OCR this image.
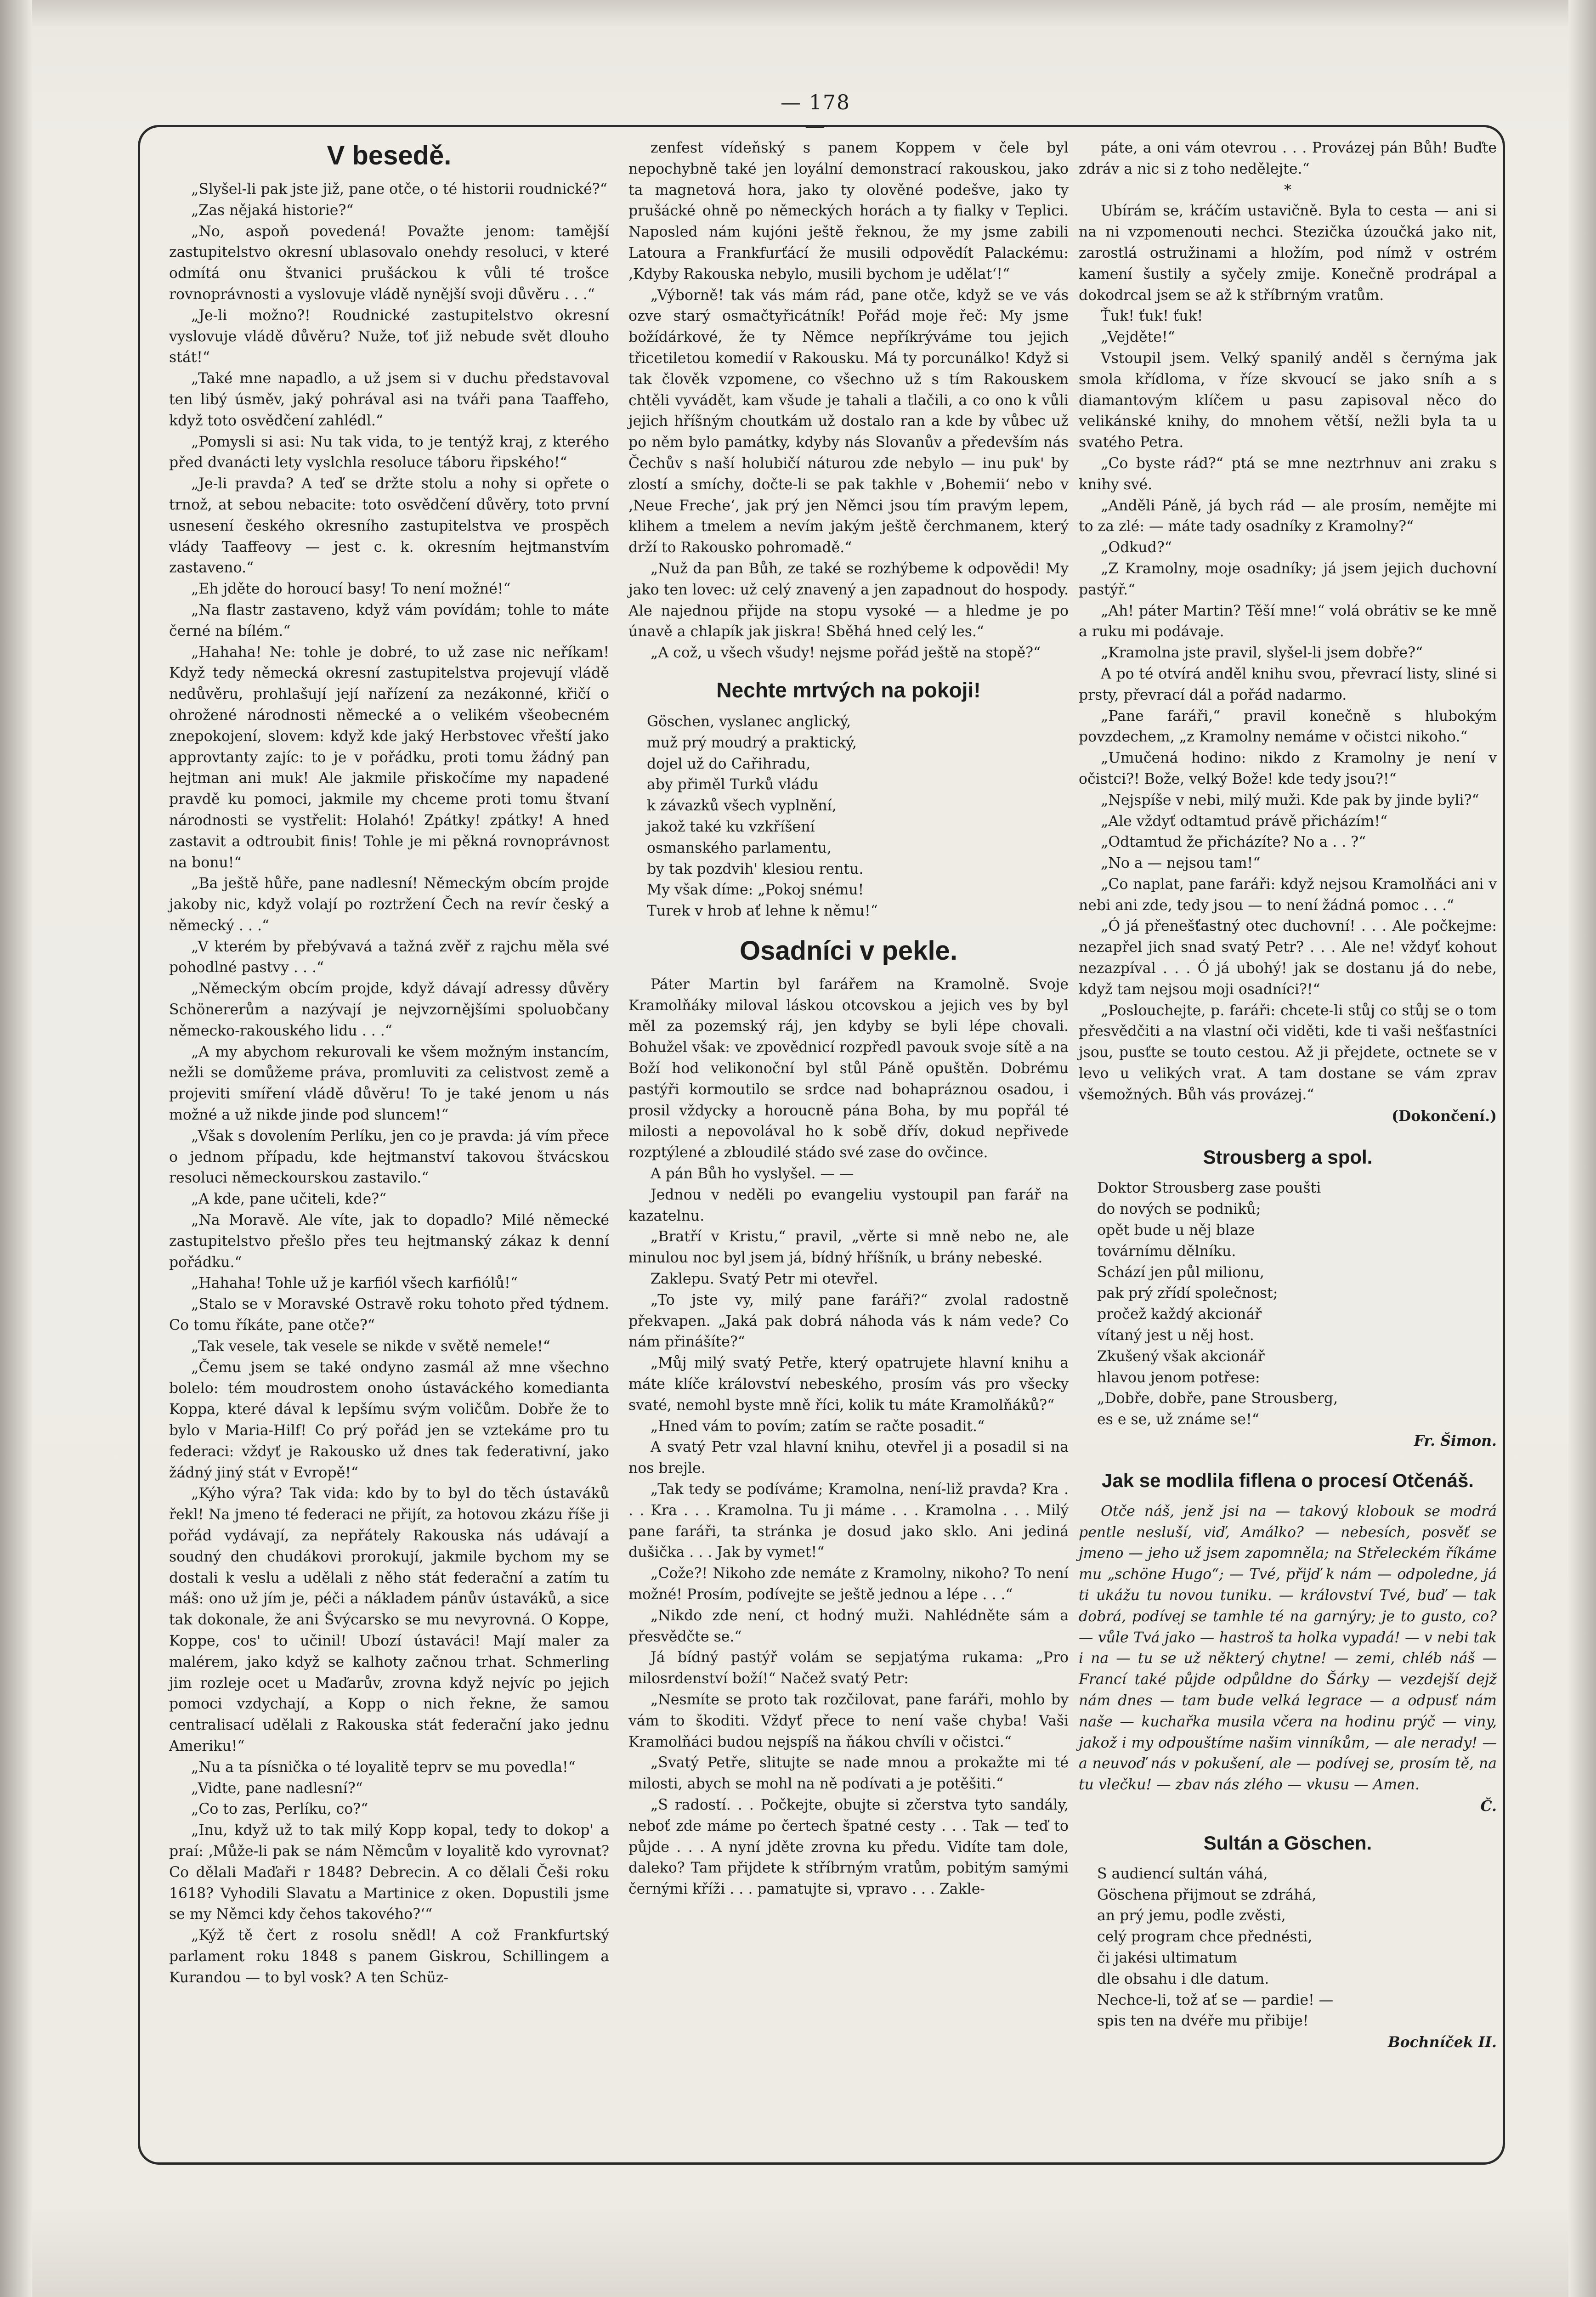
— 178 —
V besedě.

„Slyšel-li pak jste již, pane otče, o té historii roudnické?“

„Zas nějaká historie?“

„No, aspoň povedená! Považte jenom: tamější zastupitelstvo okresní ublasovalo onehdy resoluci, v které odmítá onu štvanici prušáckou k vůli té trošce rovnoprávnosti a vyslovuje vládě nynější svoji důvěru . . .“

„Je-li možno?! Roudnické zastupitelstvo okresní vyslovuje vládě důvěru? Nuže, toť již nebude svět dlouho stát!“

„Také mne napadlo, a už jsem si v duchu představoval ten libý úsměv, jaký pohrával asi na tváři pana Taaffeho, když toto osvědčení zahlédl.“

„Pomysli si asi: Nu tak vida, to je tentýž kraj, z kterého před dvanácti lety vyslchla resoluce táboru řipského!“

„Je-li pravda? A teď se držte stolu a nohy si opřete o trnož, at sebou nebacite: toto osvědčení důvěry, toto první usnesení českého okresního zastupitelstva ve prospěch vlády Taaffeovy — jest c. k. okresním hejtmanstvím zastaveno.“

„Eh jděte do horoucí basy! To není možné!“

„Na flastr zastaveno, když vám povídám; tohle to máte černé na bílém.“

„Hahaha! Ne: tohle je dobré, to už zase nic neříkam! Když tedy německá okresní zastupitelstva projevují vládě nedůvěru, prohlašují její nařízení za nezákonné, křičí o ohrožené národnosti německé a o velikém všeobecném znepokojení, slovem: když kde jaký Herbstovec vřeští jako approvtanty zajíc: to je v pořádku, proti tomu žádný pan hejtman ani muk! Ale jakmile přiskočíme my napadené pravdě ku pomoci, jakmile my chceme proti tomu štvaní národnosti se vystřelit: Holahó! Zpátky! zpátky! A hned zastavit a odtroubit finis! Tohle je mi pěkná rovnoprávnost na bonu!“

„Ba ještě hůře, pane nadlesní! Německým obcím projde jakoby nic, když volají po roztržení Čech na revír český a německý . . .“

„V kterém by přebývavá a tažná zvěř z rajchu měla své pohodlné pastvy . . .“

„Německým obcím projde, když dávají adressy důvěry Schönererům a nazývají je nejvzornějšími spoluobčany německo-rakouského lidu . . .“

„A my abychom rekurovali ke všem možným instancím, nežli se domůžeme práva, promluviti za celistvost země a projeviti smíření vládě důvěru! To je také jenom u nás možné a už nikde jinde pod sluncem!“

„Však s dovolením Perlíku, jen co je pravda: já vím přece o jednom případu, kde hejtmanství takovou štvácskou resoluci německourskou zastavilo.“

„A kde, pane učiteli, kde?“

„Na Moravě. Ale víte, jak to dopadlo? Milé německé zastupitelstvo přešlo přes teu hejtmanský zákaz k denní pořádku.“

„Hahaha! Tohle už je karfiól všech karfiólů!“

„Stalo se v Moravské Ostravě roku tohoto před týdnem. Co tomu říkáte, pane otče?“

„Tak vesele, tak vesele se nikde v světě nemele!“

„Čemu jsem se také ondyno zasmál až mne všechno bolelo: tém moudrostem onoho ústaváckého komedianta Koppa, které dával k lepšímu svým voličům. Dobře že to bylo v Maria-Hilf! Co prý pořád jen se vztekáme pro tu federaci: vždyť je Rakousko už dnes tak federativní, jako žádný jiný stát v Evropě!“

„Kýho výra? Tak vida: kdo by to byl do těch ústaváků řekl! Na jmeno té federaci ne přijít, za hotovou zkázu říše ji pořád vydávají, za nepřátely Rakouska nás udávají a soudný den chudákovi prorokují, jakmile bychom my se dostali k veslu a udělali z něho stát federační a zatím tu máš: ono už jím je, péči a nákladem pánův ústaváků, a sice tak dokonale, že ani Švýcarsko se mu nevyrovná. O Koppe, Koppe, cos' to učinil! Ubozí ústaváci! Mají maler za malérem, jako když se kalhoty začnou trhat. Schmerling jim rozleje ocet u Maďarův, zrovna když nejvíc po jejich pomoci vzdychají, a Kopp o nich řekne, že samou centralisací udělali z Rakouska stát federační jako jednu Ameriku!“

„Nu a ta písnička o té loyalitě teprv se mu povedla!“

„Vidte, pane nadlesní?“

„Co to zas, Perlíku, co?“

„Inu, když už to tak milý Kopp kopal, tedy to dokop' a praí: ‚Může-li pak se nám Němcům v loyalitě kdo vyrovnat? Co dělali Maďaři r 1848? Debrecin. A co dělali Češi roku 1618? Vyhodili Slavatu a Martinice z oken. Dopustili jsme se my Němci kdy čehos takového?‘“

„Kýž tě čert z rosolu snědl! A což Frankfurtský parlament roku 1848 s panem Giskrou, Schillingem a Kurandou — to byl vosk? A ten Schüz-

zenfest vídeňský s panem Koppem v čele byl nepochybně také jen loyální demonstrací rakouskou, jako ta magnetová hora, jako ty olověné podešve, jako ty prušácké ohně po německých horách a ty fialky v Teplici. Naposled nám kujóni ještě řeknou, že my jsme zabili Latoura a Frankfurťácí že musili odpovědít Palackému: ‚Kdyby Rakouska nebylo, musili bychom je udělat‘!“

„Výborně! tak vás mám rád, pane otče, když se ve vás ozve starý osmačtyřicátník! Pořád moje řeč: My jsme božídárkové, že ty Němce nepříkrýváme tou jejich třicetiletou komedií v Rakousku. Má ty porcunálko! Když si tak člověk vzpomene, co všechno už s tím Rakouskem chtěli vyvádět, kam všude je tahali a tlačili, a co ono k vůli jejich hříšným choutkám už dostalo ran a kde by vůbec už po něm bylo památky, kdyby nás Slovanův a především nás Čechův s naší holubičí náturou zde nebylo — inu puk' by zlostí a smíchy, dočte-li se pak takhle v ‚Bohemii‘ nebo v ‚Neue Freche‘, jak prý jen Němci jsou tím pravým lepem, klihem a tmelem a nevím jakým ještě čerchmanem, který drží to Rakousko pohromadě.“

„Nuž da pan Bůh, ze také se rozhýbeme k odpovědi! My jako ten lovec: už celý znavený a jen zapadnout do hospody. Ale najednou přijde na stopu vysoké — a hledme je po únavě a chlapík jak jiskra! Sběhá hned celý les.“

„A což, u všech všudy! nejsme pořád ještě na stopě?“

Nechte mrtvých na pokoji!
Göschen, vyslanec anglický,
muž prý moudrý a praktický,
dojel už do Cařihradu,
aby přiměl Turků vládu
k závazků všech vyplnění,
jakož také ku vzkříšení
osmanského parlamentu,
by tak pozdvih' klesiou rentu.
My však díme: „Pokoj snému!
Turek v hrob ať lehne k němu!“
Osadníci v pekle.

Páter Martin byl farářem na Kramolně. Svoje Kramolňáky miloval láskou otcovskou a jejich ves by byl měl za pozemský ráj, jen kdyby se byli lépe chovali. Bohužel však: ve zpovědnicí rozpředl pavouk svoje sítě a na Boží hod velikonoční byl stůl Páně opuštěn. Dobrému pastýři kormoutilo se srdce nad bohapráznou osadou, i prosil vždycky a horoucně pána Boha, by mu popřál té milosti a nepovolával ho k sobě dřív, dokud nepřivede rozptýlené a zbloudilé stádo své zase do ovčince.

A pán Bůh ho vyslyšel. — —

Jednou v neděli po evangeliu vystoupil pan farář na kazatelnu.

„Bratří v Kristu,“ pravil, „věrte si mně nebo ne, ale minulou noc byl jsem já, bídný hříšník, u brány nebeské.

Zaklepu. Svatý Petr mi otevřel.

„To jste vy, milý pane faráři?“ zvolal radostně překvapen. „Jaká pak dobrá náhoda vás k nám vede? Co nám přinášíte?“

„Můj milý svatý Petře, který opatrujete hlavní knihu a máte klíče království nebeského, prosím vás pro všecky svaté, nemohl byste mně říci, kolik tu máte Kramolňáků?“

„Hned vám to povím; zatím se račte posadit.“

A svatý Petr vzal hlavní knihu, otevřel ji a posadil si na nos brejle.

„Tak tedy se podíváme; Kramolna, není-liž pravda? Kra . . . Kra . . . Kramolna. Tu ji máme . . . Kramolna . . . Milý pane faráři, ta stránka je dosud jako sklo. Ani jediná dušička . . . Jak by vymet!“

„Cože?! Nikoho zde nemáte z Kramolny, nikoho? To není možné! Prosím, podívejte se ještě jednou a lépe . . .“

„Nikdo zde není, ct hodný muži. Nahlédněte sám a přesvědčte se.“

Já bídný pastýř volám se sepjatýma rukama: „Pro milosrdenství boží!“ Načež svatý Petr:

„Nesmíte se proto tak rozčilovat, pane faráři, mohlo by vám to škoditi. Vždyť přece to není vaše chyba! Vaši Kramolňáci budou nejspíš na ňákou chvíli v očistci.“

„Svatý Petře, slitujte se nade mnou a prokažte mi té milosti, abych se mohl na ně podívati a je potěšiti.“

„S radostí. . . Počkejte, obujte si zčerstva tyto sandály, neboť zde máme po čertech špatné cesty . . . Tak — teď to půjde . . . A nyní jděte zrovna ku předu. Vidíte tam dole, daleko? Tam přijdete k stříbrným vratům, pobitým samými černými kříži . . . pamatujte si, vpravo . . . Zakle-

páte, a oni vám otevrou . . . Provázej pán Bůh! Buďte zdráv a nic si z toho nedělejte.“

*

Ubírám se, kráčím ustavičně. Byla to cesta — ani si na ni vzpomenouti nechci. Stezička úzoučká jako nit, zarostlá ostružinami a hložím, pod nímž v ostrém kamení šustily a syčely zmije. Konečně prodrápal a dokodrcal jsem se až k stříbrným vratům.

Ťuk! ťuk! ťuk!

„Vejděte!“

Vstoupil jsem. Velký spanilý anděl s černýma jak smola křídloma, v říze skvoucí se jako sníh a s diamantovým klíčem u pasu zapisoval něco do velikánské knihy, do mnohem větší, nežli byla ta u svatého Petra.

„Co byste rád?“ ptá se mne neztrhnuv ani zraku s knihy své.

„Anděli Páně, já bych rád — ale prosím, nemějte mi to za zlé: — máte tady osadníky z Kramolny?“

„Odkud?“

„Z Kramolny, moje osadníky; já jsem jejich duchovní pastýř.“

„Ah! páter Martin? Těší mne!“ volá obrátiv se ke mně a ruku mi podávaje.

„Kramolna jste pravil, slyšel-li jsem dobře?“

A po té otvírá anděl knihu svou, převrací listy, sliné si prsty, převrací dál a pořád nadarmo.

„Pane faráři,“ pravil konečně s hlubokým povzdechem, „z Kramolny nemáme v očistci nikoho.“

„Umučená hodino: nikdo z Kramolny je není v očistci?! Bože, velký Bože! kde tedy jsou?!“

„Nejspíše v nebi, milý muži. Kde pak by jinde byli?“

„Ale vždyť odtamtud právě přicházím!“

„Odtamtud že přicházíte? No a . . ?“

„No a — nejsou tam!“

„Co naplat, pane faráři: když nejsou Kramolňáci ani v nebi ani zde, tedy jsou — to není žádná pomoc . . .“

„Ó já přenešťastný otec duchovní! . . . Ale počkejme: nezapřel jich snad svatý Petr? . . . Ale ne! vždyť kohout nezazpíval . . . Ó já ubohý! jak se dostanu já do nebe, když tam nejsou moji osadníci?!“

„Poslouchejte, p. faráři: chcete-li stůj co stůj se o tom přesvědčiti a na vlastní oči viděti, kde ti vaši nešťastníci jsou, pusťte se touto cestou. Až ji přejdete, octnete se v levo u velikých vrat. A tam dostane se vám zprav všemožných. Bůh vás provázej.“

(Dokončení.)
Strousberg a spol.
Doktor Strousberg zase poušti
do nových se podniků;
opět bude u něj blaze
továrnímu dělníku.
Schází jen půl milionu,
pak prý zřídí společnost;
pročež každý akcionář
vítaný jest u něj host.
Zkušený však akcionář
hlavou jenom potřese:
„Dobře, dobře, pane Strousberg,
es e se, už známe se!“
Fr. Šimon.
Jak se modlila fiflena o procesí Otčenáš.

Otče náš, jenž jsi na — takový klobouk se modrá pentle nesluší, viď, Amálko? — nebesích, posvěť se jmeno — jeho už jsem zapomněla; na Střeleckém říkáme mu „schöne Hugo“; — Tvé, přijď k nám — odpoledne, já ti ukážu tu novou tuniku. — království Tvé, buď — tak dobrá, podívej se tamhle té na garnýry; je to gusto, co? — vůle Tvá jako — hastroš ta holka vypadá! — v nebi tak i na — tu se už některý chytne! — zemi, chléb náš — Francí také půjde odpůldne do Šárky — vezdejší dejž nám dnes — tam bude velká legrace — a odpusť nám naše — kuchařka musila včera na hodinu prýč — viny, jakož i my odpouštíme našim vinníkům, — ale nerady! — a neuvoď nás v pokušení, ale — podívej se, prosím tě, na tu vlečku! — zbav nás zlého — vkusu — Amen.

Č.
Sultán a Göschen.
S audiencí sultán váhá,
Göschena přijmout se zdráhá,
an prý jemu, podle zvěsti,
celý program chce přednésti,
či jakési ultimatum
dle obsahu i dle datum.
Nechce-li, tož ať se — pardie! —
spis ten na dvéře mu přibije!
Bochníček II.
